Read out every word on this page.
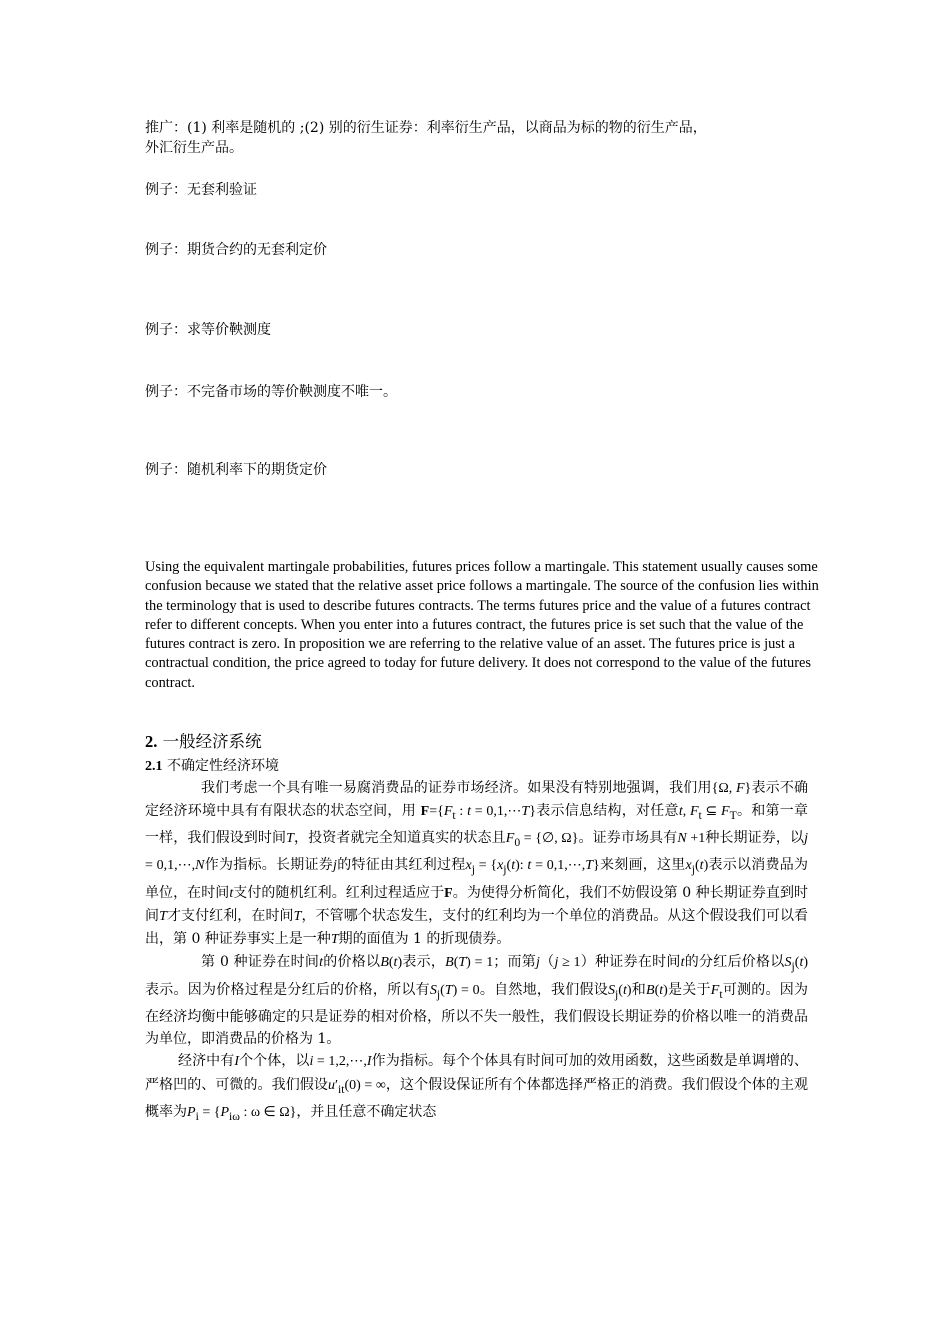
推广：(1) 利率是随机的 ;(2) 别的衍生证券：利率衍生产品，以商品为标的物的衍生产品，
外汇衍生产品。
例子：无套利验证
例子：期货合约的无套利定价
例子：求等价鞅测度
例子：不完备市场的等价鞅测度不唯一。
例子：随机利率下的期货定价
Using the equivalent martingale probabilities, futures prices follow a martingale. This statement usually causes some confusion because we stated that the relative asset price follows a martingale. The source of the confusion lies within the terminology that is used to describe futures contracts. The terms futures price and the value of a futures contract refer to different concepts. When you enter into a futures contract, the futures price is set such that the value of the futures contract is zero. In proposition we are referring to the relative value of an asset. The futures price is just a contractual condition, the price agreed to today for future delivery. It does not correspond to the value of the futures contract.
2. 一般经济系统
2.1 不确定性经济环境

我们考虑一个具有唯一易腐消费品的证券市场经济。如果没有特别地强调，我们用{Ω, F}表示不确定经济环境中具有有限状态的状态空间，用 $F=\{F_t$ : t = 0,1,⋯T}表示信息结构，对任意t, $F_t$ ⊆ $F_T$。和第一章一样，我们假设到时间T，投资者就完全知道真实的状态且$F_0$ = {∅, Ω}。证券市场具有N +1种长期证券，以j = 0,1,⋯,N作为指标。长期证券j的特征由其红利过程$x_j = \{x_j(t)$: t = 0,1,⋯,T}来刻画，这里$x_j(t)$表示以消费品为单位，在时间t支付的随机红利。红利过程适应于F。为使得分析简化，我们不妨假设第 0 种长期证券直到时间T才支付红利，在时间T，不管哪个状态发生，支付的红利均为一个单位的消费品。从这个假设我们可以看出，第 0 种证券事实上是一种T期的面值为 1 的折现债券。

第 0 种证券在时间t的价格以B(t)表示，B(T) = 1；而第j（j ≥ 1）种证券在时间t的分红后价格以$S_j(t)$表示。因为价格过程是分红后的价格，所以有$S_j(T) = 0$。自然地，我们假设$S_j(t)$和B(t)是关于$F_t$可测的。因为在经济均衡中能够确定的只是证券的相对价格，所以不失一般性，我们假设长期证券的价格以唯一的消费品为单位，即消费品的价格为 1。

经济中有I个个体，以i = 1,2,⋯,I作为指标。每个个体具有时间可加的效用函数，这些函数是单调增的、严格凹的、可微的。我们假设$u'_{it}(0)$ = ∞，这个假设保证所有个体都选择严格正的消费。我们假设个体的主观概率为$P_i = \{P_{i\omega}$ : ω ∈ Ω}，并且任意不确定状态
